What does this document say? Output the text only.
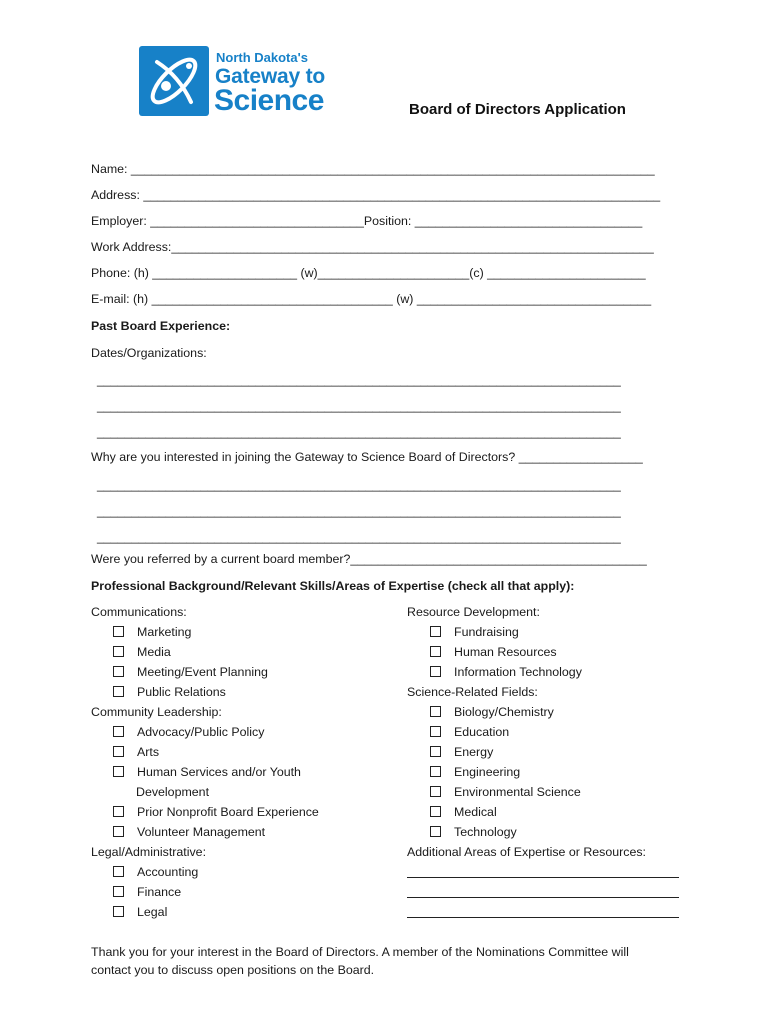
North Dakota's
Gateway to
Science	Board of Directors Application
Name: ____________________________________________________________________________
Address: ___________________________________________________________________________
Employer: _______________________________Position: _________________________________
Work Address:______________________________________________________________________
Phone: (h) _____________________ (w)______________________(c) _______________________
E-mail: (h) ___________________________________ (w) __________________________________
Past Board Experience:
Dates/Organizations:
____________________________________________________________________________
____________________________________________________________________________
____________________________________________________________________________
Why are you interested in joining the Gateway to Science Board of Directors? __________________
____________________________________________________________________________
____________________________________________________________________________
____________________________________________________________________________
Were you referred by a current board member?___________________________________________
Professional Background/Relevant Skills/Areas of Expertise (check all that apply):
Communications:
Marketing
Media
Meeting/Event Planning
Public Relations
Community Leadership:
Advocacy/Public Policy
Arts
Human Services and/or Youth
Development
Prior Nonprofit Board Experience
Volunteer Management
Legal/Administrative:
Accounting
Finance
Legal
Resource Development:
Fundraising
Human Resources
Information Technology
Science-Related Fields:
Biology/Chemistry
Education
Energy
Engineering
Environmental Science
Medical
Technology
Additional Areas of Expertise or Resources:
Thank you for your interest in the Board of Directors. A member of the Nominations Committee will
contact you to discuss open positions on the Board.
